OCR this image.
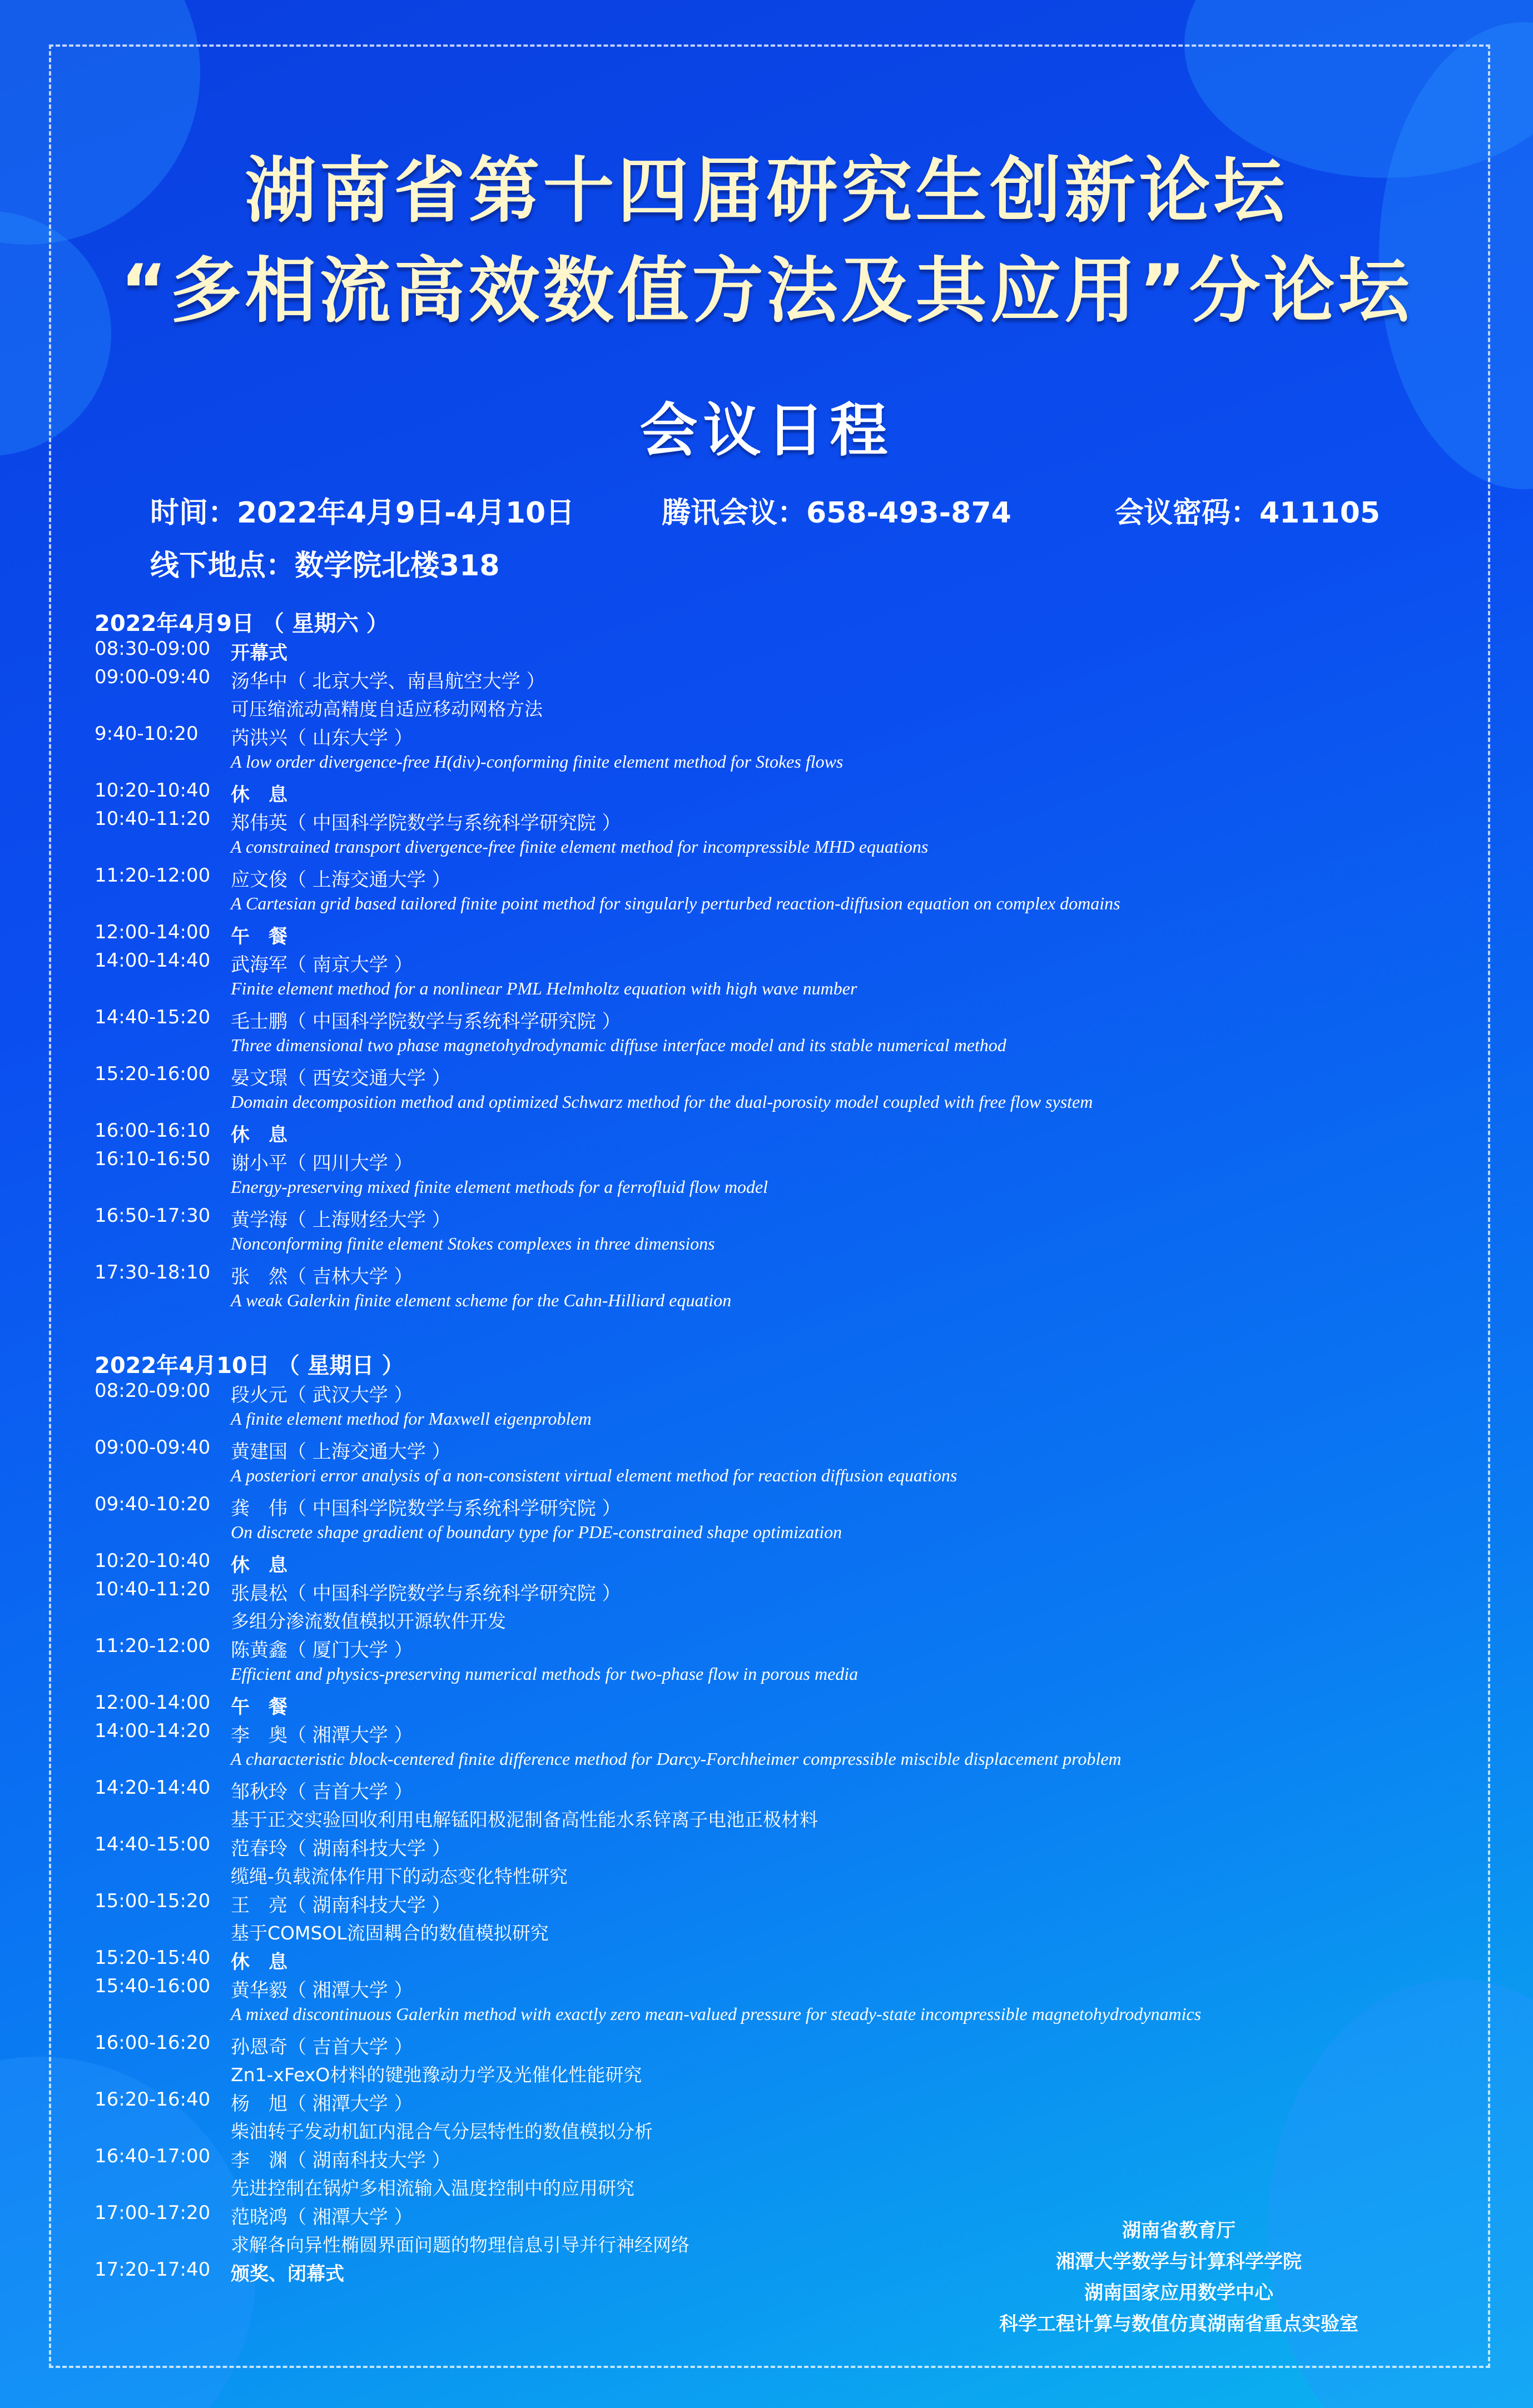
湖南省第十四届研究生创新论坛
“多相流高效数值方法及其应用”分论坛
会议日程
时间：2022年4月9日-4月10日	腾讯会议：658-493-874	会议密码：411105
线下地点：数学院北楼318
2022年4月9日 （ 星期六 ）
08:30-09:00 开幕式
09:00-09:40 汤华中（ 北京大学、南昌航空大学 ）
可压缩流动高精度自适应移动网格方法
9:40-10:20 芮洪兴（ 山东大学 ）
A low order divergence-free H(div)-conforming finite element method for Stokes flows
10:20-10:40 休　息
10:40-11:20 郑伟英（ 中国科学院数学与系统科学研究院 ）
A constrained transport divergence-free finite element method for incompressible MHD equations
11:20-12:00 应文俊（ 上海交通大学 ）
A Cartesian grid based tailored finite point method for singularly perturbed reaction-diffusion equation on complex domains
12:00-14:00 午　餐
14:00-14:40 武海军（ 南京大学 ）
Finite element method for a nonlinear PML Helmholtz equation with high wave number
14:40-15:20 毛士鹏（ 中国科学院数学与系统科学研究院 ）
Three dimensional two phase magnetohydrodynamic diffuse interface model and its stable numerical method
15:20-16:00 晏文璟（ 西安交通大学 ）
Domain decomposition method and optimized Schwarz method for the dual-porosity model coupled with free flow system
16:00-16:10 休　息
16:10-16:50 谢小平（ 四川大学 ）
Energy-preserving mixed finite element methods for a ferrofluid flow model
16:50-17:30 黄学海（ 上海财经大学 ）
Nonconforming finite element Stokes complexes in three dimensions
17:30-18:10 张　然（ 吉林大学 ）
A weak Galerkin finite element scheme for the Cahn-Hilliard equation
2022年4月10日 （ 星期日 ）
08:20-09:00 段火元（ 武汉大学 ）
A finite element method for Maxwell eigenproblem
09:00-09:40 黄建国（ 上海交通大学 ）
A posteriori error analysis of a non-consistent virtual element method for reaction diffusion equations
09:40-10:20 龚　伟（ 中国科学院数学与系统科学研究院 ）
On discrete shape gradient of boundary type for PDE-constrained shape optimization
10:20-10:40 休　息
10:40-11:20 张晨松（ 中国科学院数学与系统科学研究院 ）
多组分渗流数值模拟开源软件开发
11:20-12:00 陈黄鑫（ 厦门大学 ）
Efficient and physics-preserving numerical methods for two-phase flow in porous media
12:00-14:00 午　餐
14:00-14:20 李　奥（ 湘潭大学 ）
A characteristic block-centered finite difference method for Darcy-Forchheimer compressible miscible displacement problem
14:20-14:40 邹秋玲（ 吉首大学 ）
基于正交实验回收利用电解锰阳极泥制备高性能水系锌离子电池正极材料
14:40-15:00 范春玲（ 湖南科技大学 ）
缆绳-负载流体作用下的动态变化特性研究
15:00-15:20 王　亮（ 湖南科技大学 ）
基于COMSOL流固耦合的数值模拟研究
15:20-15:40 休　息
15:40-16:00 黄华毅（ 湘潭大学 ）
A mixed discontinuous Galerkin method with exactly zero mean-valued pressure for steady-state incompressible magnetohydrodynamics
16:00-16:20 孙恩奇（ 吉首大学 ）
Zn1-xFexO材料的键弛豫动力学及光催化性能研究
16:20-16:40 杨　旭（ 湘潭大学 ）
柴油转子发动机缸内混合气分层特性的数值模拟分析
16:40-17:00 李　渊（ 湖南科技大学 ）
先进控制在锅炉多相流输入温度控制中的应用研究
17:00-17:20 范晓鸿（ 湘潭大学 ）
求解各向异性椭圆界面问题的物理信息引导并行神经网络
17:20-17:40 颁奖、闭幕式
湖南省教育厅
湘潭大学数学与计算科学学院
湖南国家应用数学中心
科学工程计算与数值仿真湖南省重点实验室
